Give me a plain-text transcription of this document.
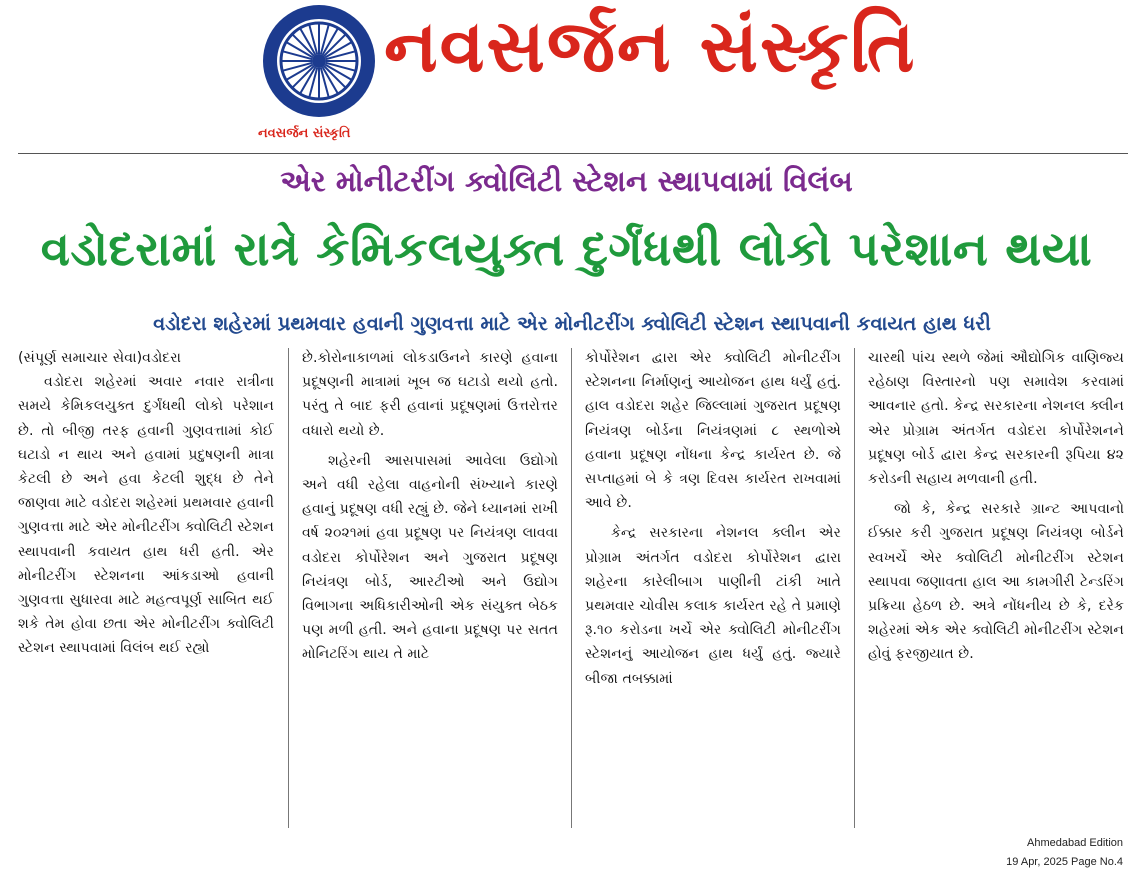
નવસર્જન સંસ્કૃતિ
નવસર્જન સંસ્કૃતિ
એર મોનીટરીંગ ક્વોલિટી સ્ટેશન સ્થાપવામાં વિલંબ
વડોદરામાં રાત્રે કેમિકલયુક્ત દુર્ગંધથી લોકો પરેશાન થયા
વડોદરા શહેરમાં પ્રથમવાર હવાની ગુણવત્તા માટે એર મોનીટરીંગ ક્વોલિટી સ્ટેશન સ્થાપવાની કવાયત હાથ ધરી

(સંપૂર્ણ સમાચાર સેવા)વડોદરા

વડોદરા શહેરમાં અવાર નવાર રાત્રીના સમયે કેમિકલયુક્ત દુર્ગંધથી લોકો પરેશાન છે. તો બીજી તરફ હવાની ગુણવત્તામાં કોઈ ઘટાડો ન થાય અને હવામાં પ્રદુષણની માત્રા કેટલી છે અને હવા કેટલી શુદ્ધ છે તેને જાણવા માટે વડોદરા શહેરમાં પ્રથમવાર હવાની ગુણવત્તા માટે એર મોનીટરીંગ ક્વોલિટી સ્ટેશન સ્થાપવાની કવાયત હાથ ધરી હતી. એર મોનીટરીંગ સ્ટેશનના આંકડાઓ હવાની ગુણવત્તા સુધારવા માટે મહત્વપૂર્ણ સાબિત થઈ શકે તેમ હોવા છતા એર મોનીટરીંગ ક્વોલિટી સ્ટેશન સ્થાપવામાં વિલંબ થઈ રહ્યો

છે.કોરોનાકાળમાં લોકડાઉનને કારણે હવાના પ્રદૂષણની માત્રામાં ખૂબ જ ઘટાડો થયો હતો. પરંતુ તે બાદ ફરી હવાનાં પ્રદૂષણમાં ઉત્તરોત્તર વધારો થયો છે.

શહેરની આસપાસમાં આવેલા ઉદ્યોગો અને વધી રહેલા વાહનોની સંખ્યાને કારણે હવાનું પ્રદૂષણ વધી રહ્યું છે. જેને ધ્યાનમાં રાખી વર્ષ ૨૦૨૧માં હવા પ્રદૂષણ પર નિયંત્રણ લાવવા વડોદરા કોર્પોરેશન અને ગુજરાત પ્રદૂષણ નિયંત્રણ બોર્ડ, આરટીઓ અને ઉદ્યોગ વિભાગના અધિકારીઓની એક સંયુક્ત બેઠક પણ મળી હતી. અને હવાના પ્રદૂષણ પર સતત મોનિટરિંગ થાય તે માટે

કોર્પોરેશન દ્વારા એર ક્વોલિટી મોનીટરીંગ સ્ટેશનના નિર્માણનું આયોજન હાથ ધર્યું હતું. હાલ વડોદરા શહેર જિલ્લામાં ગુજરાત પ્રદૂષણ નિયંત્રણ બોર્ડના નિયંત્રણમાં ૮ સ્થળોએ હવાના પ્રદૂષણ નોંધના કેન્દ્ર કાર્યરત છે. જે સપ્તાહમાં બે કે ત્રણ દિવસ કાર્યરત રાખવામાં આવે છે.

કેન્દ્ર સરકારના નેશનલ ક્લીન એર પ્રોગ્રામ અંતર્ગત વડોદરા કોર્પોરેશન દ્વારા શહેરના કારેલીબાગ પાણીની ટાંકી ખાતે પ્રથમવાર ચોવીસ કલાક કાર્યરત રહે તે પ્રમાણે રૂ.૧૦ કરોડના ખર્ચે એર ક્વોલિટી મોનીટરીંગ સ્ટેશનનું આયોજન હાથ ધર્યું હતું. જ્યારે બીજા તબક્કામાં

ચારથી પાંચ સ્થળે જેમાં ઔદ્યોગિક વાણિજ્ય રહેઠાણ વિસ્તારનો પણ સમાવેશ કરવામાં આવનાર હતો. કેન્દ્ર સરકારના નેશનલ ક્લીન એર પ્રોગ્રામ અંતર્ગત વડોદરા કોર્પોરેશનને પ્રદૂષણ બોર્ડ દ્વારા કેન્દ્ર સરકારની રૂપિયા ૪૨ કરોડની સહાય મળવાની હતી.

જો કે, કેન્દ્ર સરકારે ગ્રાન્ટ આપવાનો ઈક્કાર કરી ગુજરાત પ્રદૂષણ નિયંત્રણ બોર્ડને સ્વખર્ચે એર ક્વોલિટી મોનીટરીંગ સ્ટેશન સ્થાપવા જણાવતા હાલ આ કામગીરી ટેન્ડરિંગ પ્રક્રિયા હેઠળ છે. અત્રે નોંધનીય છે કે, દરેક શહેરમાં એક એર ક્વોલિટી મોનીટરીંગ સ્ટેશન હોવું ફરજીયાત છે.

Ahmedabad Edition
19 Apr, 2025 Page No.4
